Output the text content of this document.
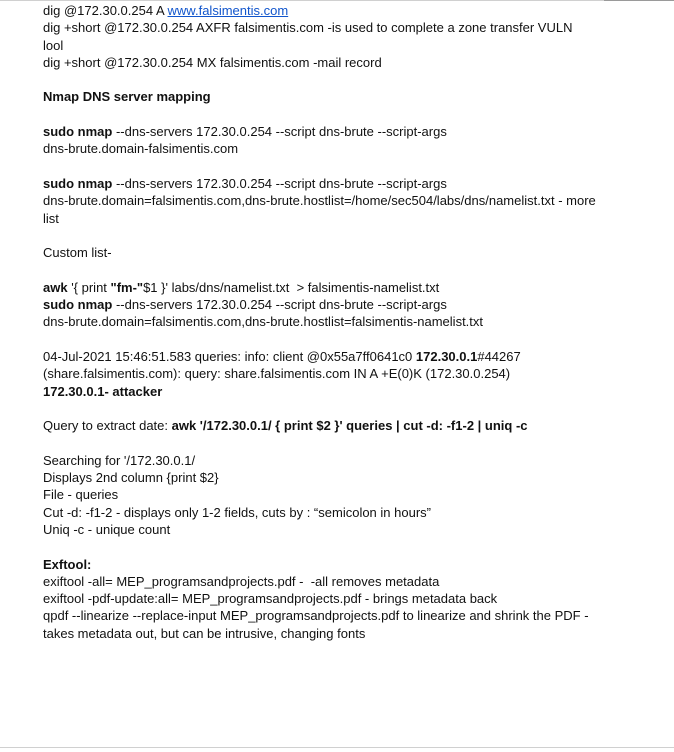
dig @172.30.0.254 A www.falsimentis.com
dig +short @172.30.0.254 AXFR falsimentis.com -is used to complete a zone transfer VULN
lool
dig +short @172.30.0.254 MX falsimentis.com -mail record
Nmap DNS server mapping
sudo nmap --dns-servers 172.30.0.254 --script dns-brute --script-args
dns-brute.domain-falsimentis.com
sudo nmap --dns-servers 172.30.0.254 --script dns-brute --script-args
dns-brute.domain=falsimentis.com,dns-brute.hostlist=/home/sec504/labs/dns/namelist.txt - more
list
Custom list-
awk '{ print "fm-"$1 }' labs/dns/namelist.txt  > falsimentis-namelist.txt
sudo nmap --dns-servers 172.30.0.254 --script dns-brute --script-args
dns-brute.domain=falsimentis.com,dns-brute.hostlist=falsimentis-namelist.txt
04-Jul-2021 15:46:51.583 queries: info: client @0x55a7ff0641c0 172.30.0.1#44267
(share.falsimentis.com): query: share.falsimentis.com IN A +E(0)K (172.30.0.254)
172.30.0.1- attacker
Query to extract date: awk '/172.30.0.1/ { print $2 }' queries | cut -d: -f1-2 | uniq -c
Searching for '/172.30.0.1/
Displays 2nd column {print $2}
File - queries
Cut -d: -f1-2 - displays only 1-2 fields, cuts by : “semicolon in hours”
Uniq -c - unique count
Exftool:
exiftool -all= MEP_programsandprojects.pdf -  -all removes metadata
exiftool -pdf-update:all= MEP_programsandprojects.pdf - brings metadata back
qpdf --linearize --replace-input MEP_programsandprojects.pdf to linearize and shrink the PDF -
takes metadata out, but can be intrusive, changing fonts
